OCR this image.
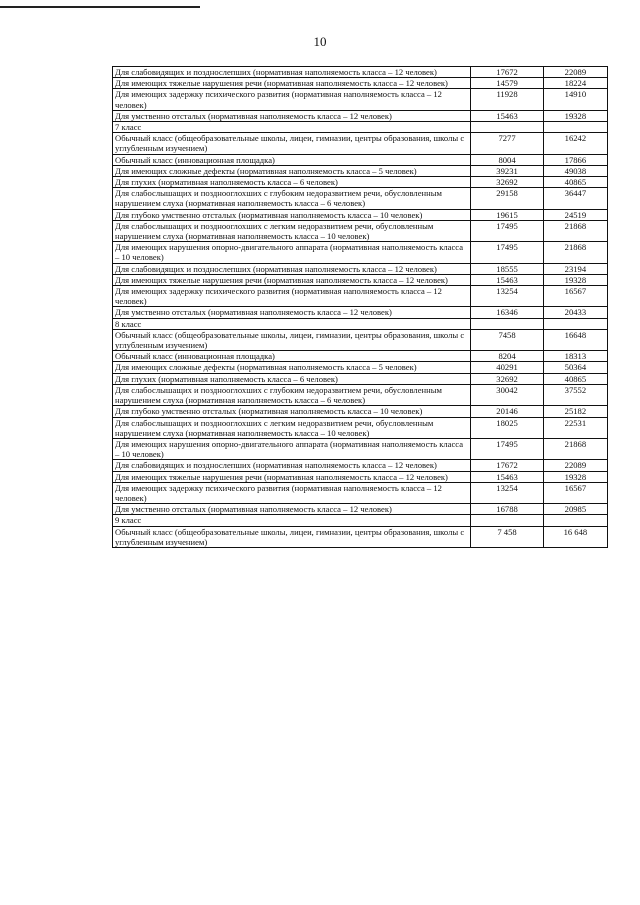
10
Для слабовидящих и позднослепших (нормативная наполняемость класса – 12 человек)	17672	22089
Для имеющих тяжелые нарушения речи (нормативная наполняемость класса – 12 человек)	14579	18224
Для имеющих задержку психического развития (нормативная наполняемость класса – 12 человек)	11928	14910
Для умственно отсталых (нормативная наполняемость класса – 12 человек)	15463	19328
7 класс		
Обычный класс (общеобразовательные школы, лицеи, гимназии, центры образования, школы с углубленным изучением)	7277	16242
Обычный класс (инновационная площадка)	8004	17866
Для имеющих сложные дефекты (нормативная наполняемость класса – 5 человек)	39231	49038
Для глухих (нормативная наполняемость класса – 6 человек)	32692	40865
Для слабослышащих и позднооглохших с глубоким недоразвитием речи, обусловленным нарушением слуха (нормативная наполняемость класса – 6 человек)	29158	36447
Для глубоко умственно отсталых (нормативная наполняемость класса – 10 человек)	19615	24519
Для слабослышащих и позднооглохших с легким недоразвитием речи, обусловленным нарушением слуха (нормативная наполняемость класса – 10 человек)	17495	21868
Для имеющих нарушения опорно-двигательного аппарата (нормативная наполняемость класса – 10 человек)	17495	21868
Для слабовидящих и позднослепших (нормативная наполняемость класса – 12 человек)	18555	23194
Для имеющих тяжелые нарушения речи (нормативная наполняемость класса – 12 человек)	15463	19328
Для имеющих задержку психического развития (нормативная наполняемость класса – 12 человек)	13254	16567
Для умственно отсталых (нормативная наполняемость класса – 12 человек)	16346	20433
8 класс		
Обычный класс (общеобразовательные школы, лицеи, гимназии, центры образования, школы с углубленным изучением)	7458	16648
Обычный класс (инновационная площадка)	8204	18313
Для имеющих сложные дефекты (нормативная наполняемость класса – 5 человек)	40291	50364
Для глухих (нормативная наполняемость класса – 6 человек)	32692	40865
Для слабослышащих и позднооглохших с глубоким недоразвитием речи, обусловленным нарушением слуха (нормативная наполняемость класса – 6 человек)	30042	37552
Для глубоко умственно отсталых (нормативная наполняемость класса – 10 человек)	20146	25182
Для слабослышащих и позднооглохших с легким недоразвитием речи, обусловленным нарушением слуха (нормативная наполняемость класса – 10 человек)	18025	22531
Для имеющих нарушения опорно-двигательного аппарата (нормативная наполняемость класса – 10 человек)	17495	21868
Для слабовидящих и позднослепших (нормативная наполняемость класса – 12 человек)	17672	22089
Для имеющих тяжелые нарушения речи (нормативная наполняемость класса – 12 человек)	15463	19328
Для имеющих задержку психического развития (нормативная наполняемость класса – 12 человек)	13254	16567
Для умственно отсталых (нормативная наполняемость класса – 12 человек)	16788	20985
9 класс		
Обычный класс (общеобразовательные школы, лицеи, гимназии, центры образования, школы с углубленным изучением)	7 458	16 648
